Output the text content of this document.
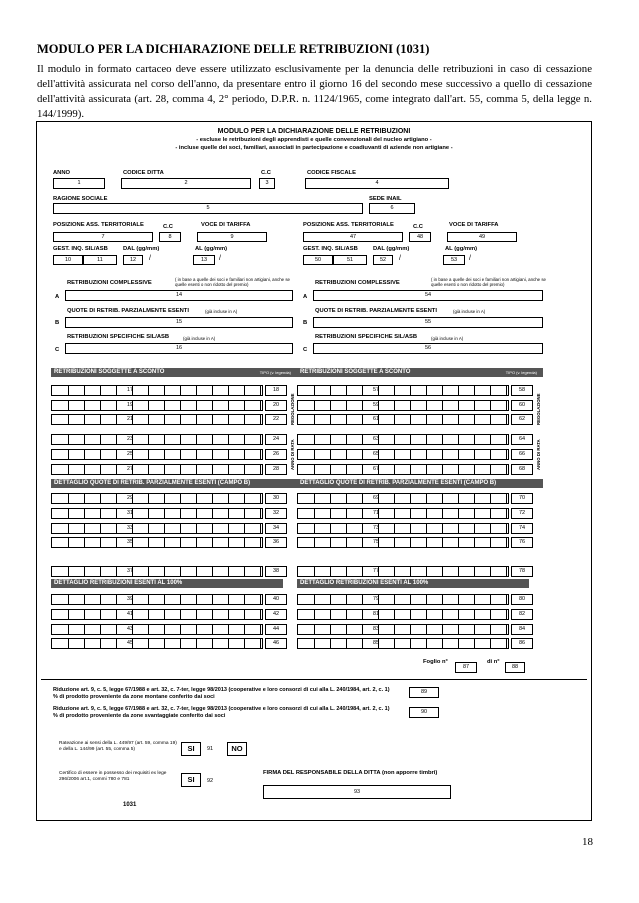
MODULO PER LA DICHIARAZIONE DELLE RETRIBUZIONI (1031)
Il modulo in formato cartaceo deve essere utilizzato esclusivamente per la denuncia delle retribuzioni in caso di cessazione dell'attività assicurata nel corso dell'anno, da presentare entro il giorno 16 del secondo mese successivo a quello di cessazione dell'attività assicurata (art. 28, comma 4, 2° periodo, D.P.R. n. 1124/1965, come integrato dall'art. 55, comma 5, della legge n. 144/1999).
MODULO PER LA DICHIARAZIONE DELLE RETRIBUZIONI
- escluse le retribuzioni degli apprendisti e quelle convenzionali del nucleo artigiano -
- incluse quelle dei soci, familiari, associati in partecipazione e coadiuvanti di aziende non artigiane -
ANNO	CODICE DITTA	C.C	CODICE FISCALE
1	2	3	4
RAGIONE SOCIALE	SEDE INAIL
5	6
POSIZIONE ASS. TERRITORIALE	C.C	VOCE DI TARIFFA
7	8	9
GEST. INQ. SIL/ASB	DAL (gg/mm)	AL (gg/mm)
10	11	12	/	13	/
POSIZIONE ASS. TERRITORIALE	C.C	VOCE DI TARIFFA
47	48	49
GEST. INQ. SIL/ASB	DAL (gg/mm)	AL (gg/mm)
50	51	52	/	53	/
RETRIBUZIONI COMPLESSIVE
( in base a quelle dei soci e familiari non artigiani, anche se quelle esenti o non ridotto del premio)
A	14
QUOTE DI RETRIB. PARZIALMENTE ESENTI	(già incluse in A)
B	15
RETRIBUZIONI SPECIFICHE SIL/ASB	(già incluse in A)
C	16
RETRIBUZIONI COMPLESSIVE
( in base a quelle dei soci e familiari non artigiani, anche se quelle esenti o non ridotto del premio)
A	54
QUOTE DI RETRIB. PARZIALMENTE ESENTI	(già incluse in A)
B	55
RETRIBUZIONI SPECIFICHE SIL/ASB	(già incluse in A)
C	56
RETRIBUZIONI SOGGETTE A SCONTO	TIPO (v. legenda)	RETRIBUZIONI SOGGETTE A SCONTO	TIPO (v. legenda)
REGOLAZIONE	REGOLAZIONE
ANNO DI RATA	ANNO DI RATA
DETTAGLIO QUOTE DI RETRIB. PARZIALMENTE ESENTI (CAMPO B)	DETTAGLIO QUOTE DI RETRIB. PARZIALMENTE ESENTI (CAMPO B)
DETTAGLIO RETRIBUZIONI ESENTI AL 100%	DETTAGLIO RETRIBUZIONI ESENTI AL 100%
17	18
19	20
21	22
23	24
25	26
27	28
29	30
31	32
33	34
35	36
37	38
39	40
41	42
43	44
45	46
57	58
59	60
61	62
63	64
65	66
67	68
69	70
71	72
73	74
75	76
77	78
79	80
81	82
83	84
85	86
Foglio n°
87
di n°
88
Riduzione art. 9, c. 5, legge 67/1988 e art. 32, c. 7-ter, legge 98/2013 (cooperative e loro consorzi di cui alla L. 240/1984, art. 2, c. 1) % di prodotto proveniente da zone montane conferito dai soci
89
Riduzione art. 9, c. 5, legge 67/1988 e art. 32, c. 7-ter, legge 98/2013 (cooperative e loro consorzi di cui alla L. 240/1984, art. 2, c. 1) % di prodotto proveniente da zone svantaggiate conferito dai soci
90
Rateazione ai sensi della L. 449/97 (art. 59, comma 19) e della L. 144/99 (art. 55, comma 5)	SI	91	NO
Certifico di essere in possesso dei requisiti ex lege 296/2006 art.1, commi 780 e 781	SI	92
FIRMA DEL RESPONSABILE DELLA DITTA (non apporre timbri)
93
1031
18
